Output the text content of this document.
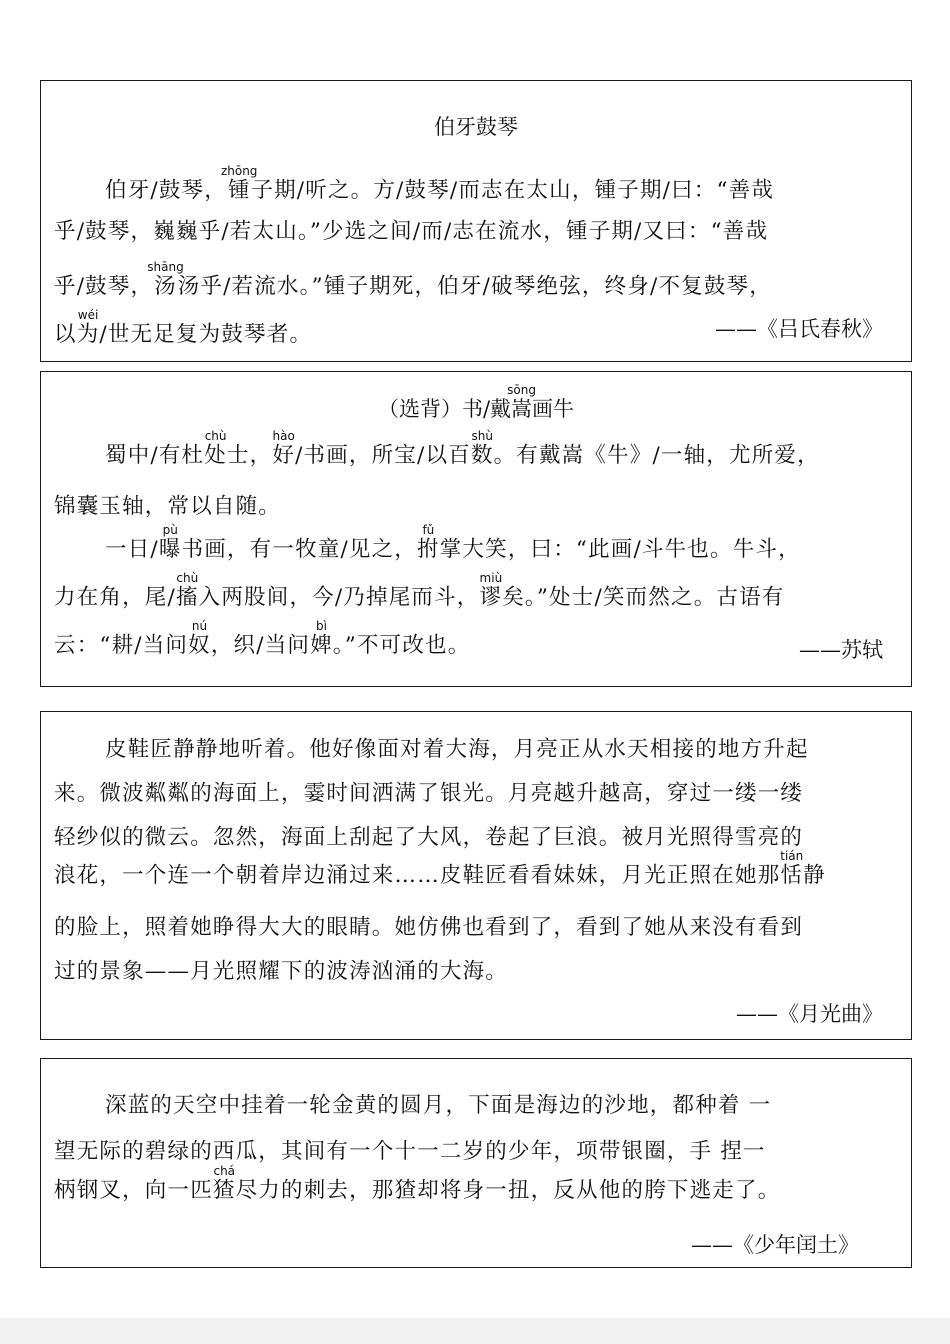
伯牙鼓琴
伯牙/鼓琴，锺zhōng子期/听之。方/鼓琴/而志在太山，锺子期/曰：“善哉
乎/鼓琴，巍巍乎/若太山。”少选之间/而/志在流水，锺子期/又曰：“善哉
乎/鼓琴，汤shāng汤乎/若流水。”锺子期死，伯牙/破琴绝弦，终身/不复鼓琴，
以为wéi/世无足复为鼓琴者。	——《吕氏春秋》
（选背）书/戴嵩sōng画牛
蜀中/有杜处chù士，好hào/书画，所宝/以百数shù。有戴嵩《牛》/一轴，尤所爱，
锦囊玉轴，常以自随。
一日/曝pù书画，有一牧童/见之，拊fǔ掌大笑，曰：“此画/斗牛也。牛斗，
力在角，尾/搐chù入两股间，今/乃掉尾而斗，谬miù矣。”处士/笑而然之。古语有
云：“耕/当问奴nú，织/当问婢bì。”不可改也。	——苏轼
皮鞋匠静静地听着。他好像面对着大海，月亮正从水天相接的地方升起
来。微波粼粼的海面上，霎时间洒满了银光。月亮越升越高，穿过一缕一缕
轻纱似的微云。忽然，海面上刮起了大风，卷起了巨浪。被月光照得雪亮的
浪花，一个连一个朝着岸边涌过来……皮鞋匠看看妹妹，月光正照在她那恬tián静
的脸上，照着她睁得大大的眼睛。她仿佛也看到了，看到了她从来没有看到
过的景象——月光照耀下的波涛汹涌的大海。
——《月光曲》
深蓝的天空中挂着一轮金黄的圆月，下面是海边的沙地，都种着 一
望无际的碧绿的西瓜，其间有一个十一二岁的少年，项带银圈，手 捏一
柄钢叉，向一匹猹chá尽力的刺去，那猹却将身一扭，反从他的胯下逃走了。
——《少年闰土》
